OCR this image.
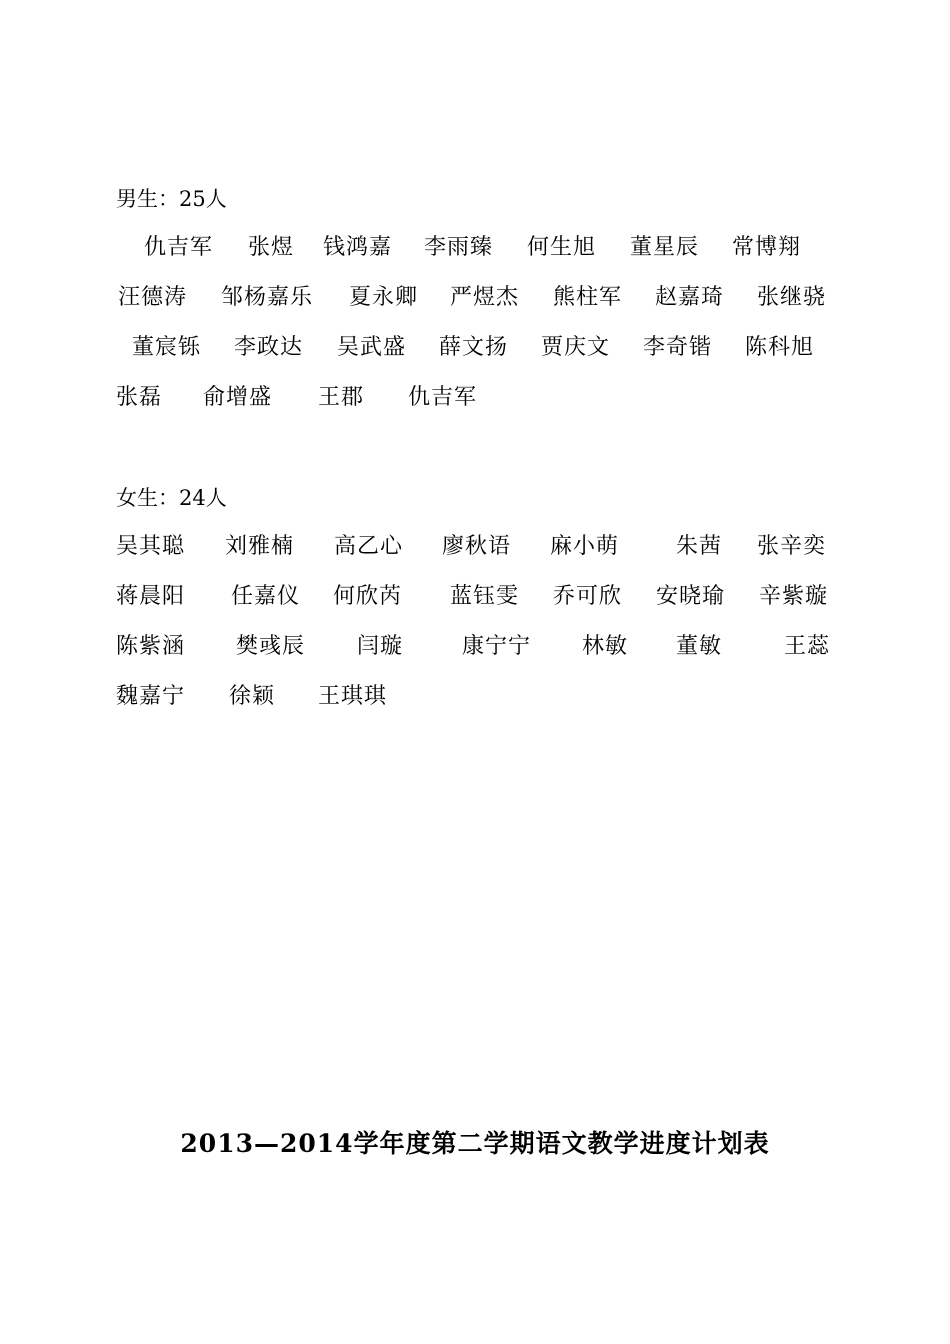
男生：25人
仇吉军 张煜 钱鸿嘉 李雨臻 何生旭 董星辰 常博翔
汪德涛 邹杨嘉乐 夏永卿 严煜杰 熊柱军 赵嘉琦 张继骁
董宸铄 李政达 吴武盛 薛文扬 贾庆文 李奇锴 陈科旭
张磊 俞增盛 王郡 仇吉军
女生：24人
吴其聪 刘雅楠 高乙心 廖秋语 麻小萌	朱茜 张辛奕
蒋晨阳 任嘉仪 何欣芮 蓝钰雯 乔可欣 安晓瑜 辛紫璇
陈紫涵 樊彧辰 闫璇	康宁宁 林敏 董敏	王蕊
魏嘉宁 徐颖 王琪琪
2013—2014学年度第二学期语文教学进度计划表
